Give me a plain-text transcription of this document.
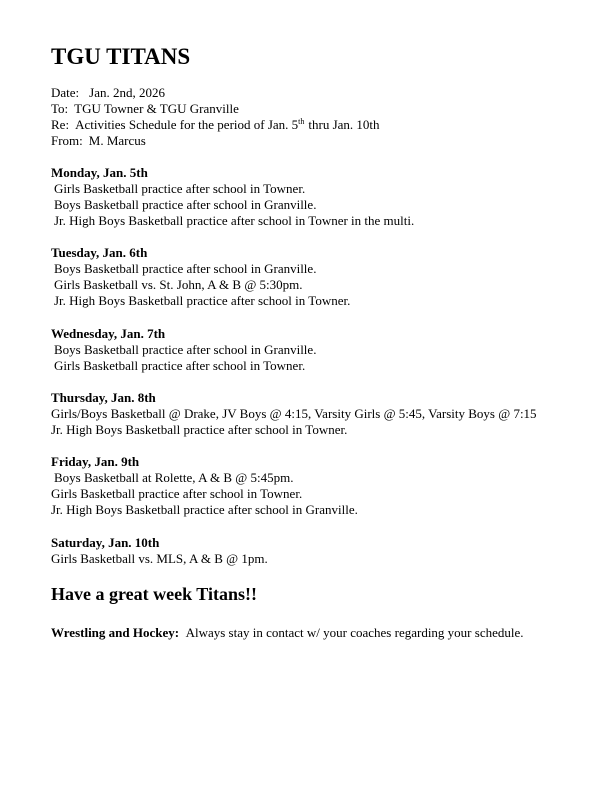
TGU TITANS
Date: Jan. 2nd, 2026
To: TGU Towner & TGU Granville
Re: Activities Schedule for the period of Jan. 5th thru Jan. 10th
From: M. Marcus
Monday, Jan. 5th
Girls Basketball practice after school in Towner.
Boys Basketball practice after school in Granville.
Jr. High Boys Basketball practice after school in Towner in the multi.
Tuesday, Jan. 6th
Boys Basketball practice after school in Granville.
Girls Basketball vs. St. John, A & B @ 5:30pm.
Jr. High Boys Basketball practice after school in Towner.
Wednesday, Jan. 7th
Boys Basketball practice after school in Granville.
Girls Basketball practice after school in Towner.
Thursday, Jan. 8th
Girls/Boys Basketball @ Drake, JV Boys @ 4:15, Varsity Girls @ 5:45, Varsity Boys @ 7:15
Jr. High Boys Basketball practice after school in Towner.
Friday, Jan. 9th
Boys Basketball at Rolette, A & B @ 5:45pm.
Girls Basketball practice after school in Towner.
Jr. High Boys Basketball practice after school in Granville.
Saturday, Jan. 10th
Girls Basketball vs. MLS, A & B @ 1pm.
Have a great week Titans!!
Wrestling and Hockey: Always stay in contact w/ your coaches regarding your schedule.
